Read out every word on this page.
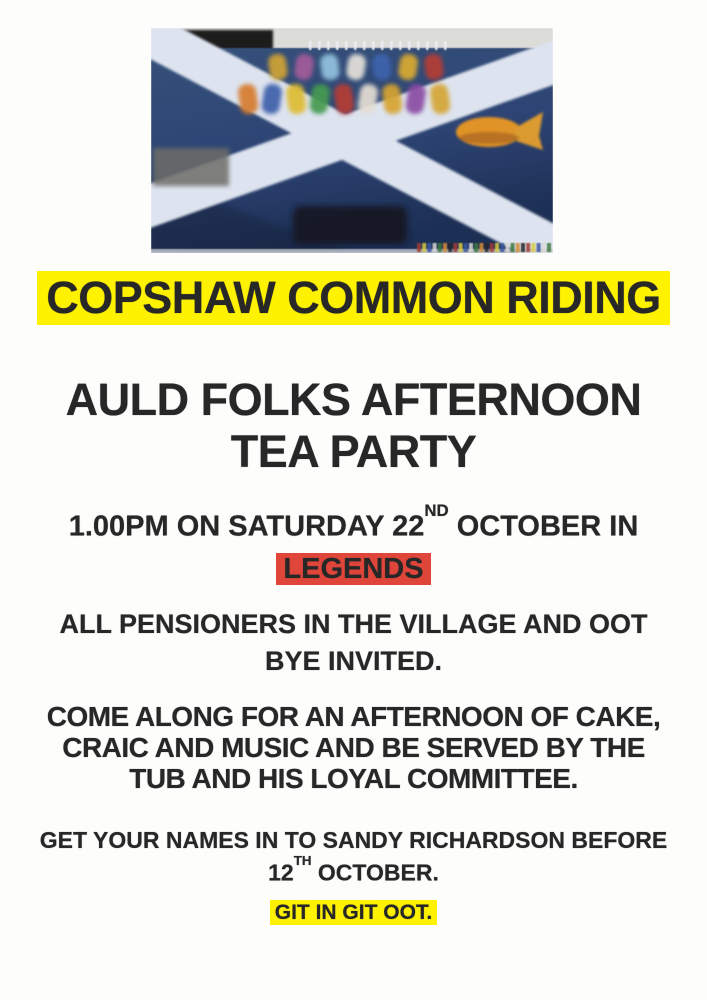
COPSHAW COMMON RIDING
AULD FOLKS AFTERNOON
TEA PARTY
1.00PM ON SATURDAY 22ND OCTOBER IN
LEGENDS
ALL PENSIONERS IN THE VILLAGE AND OOT
BYE INVITED.
COME ALONG FOR AN AFTERNOON OF CAKE,
CRAIC AND MUSIC AND BE SERVED BY THE
TUB AND HIS LOYAL COMMITTEE.
GET YOUR NAMES IN TO SANDY RICHARDSON BEFORE
12TH OCTOBER.
GIT IN GIT OOT.
